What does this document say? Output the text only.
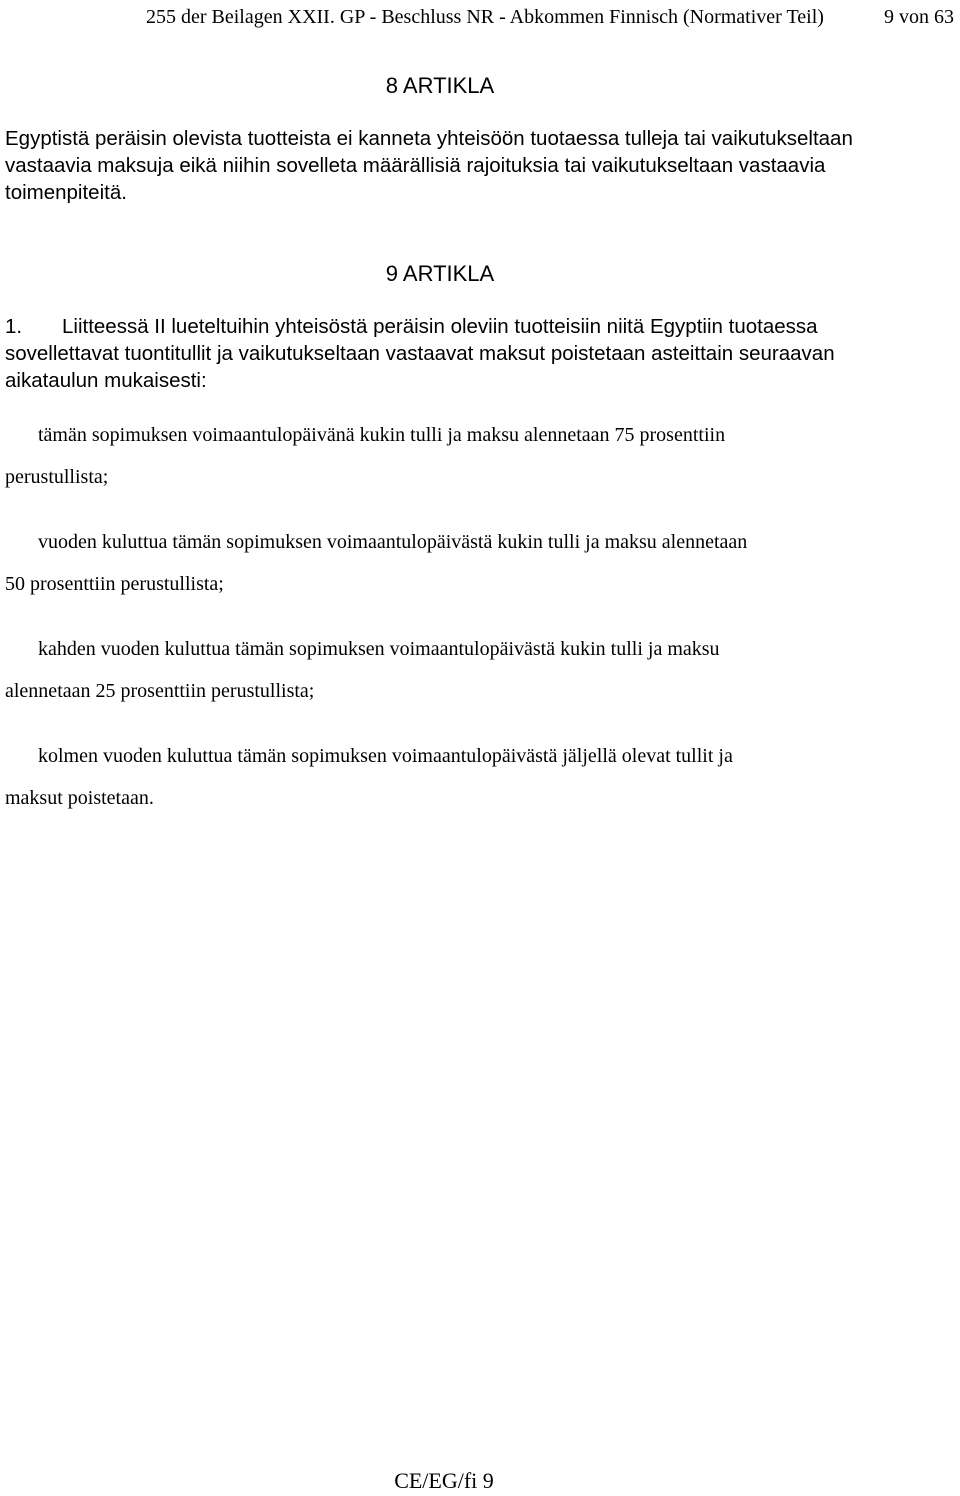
255 der Beilagen XXII. GP - Beschluss NR - Abkommen Finnisch (Normativer Teil)	9 von 63
8 ARTIKLA
Egyptistä peräisin olevista tuotteista ei kanneta yhteisöön tuotaessa tulleja tai vaikutukseltaan vastaavia maksuja eikä niihin sovelleta määrällisiä rajoituksia tai vaikutukseltaan vastaavia toimenpiteitä.
9 ARTIKLA
1. Liitteessä II lueteltuihin yhteisöstä peräisin oleviin tuotteisiin niitä Egyptiin tuotaessa sovellettavat tuontitullit ja vaikutukseltaan vastaavat maksut poistetaan asteittain seuraavan aikataulun mukaisesti:
tämän sopimuksen voimaantulopäivänä kukin tulli ja maksu alennetaan 75 prosenttiin
perustullista;
vuoden kuluttua tämän sopimuksen voimaantulopäivästä kukin tulli ja maksu alennetaan
50 prosenttiin perustullista;
kahden vuoden kuluttua tämän sopimuksen voimaantulopäivästä kukin tulli ja maksu
alennetaan 25 prosenttiin perustullista;
kolmen vuoden kuluttua tämän sopimuksen voimaantulopäivästä jäljellä olevat tullit ja
maksut poistetaan.
CE/EG/fi 9
